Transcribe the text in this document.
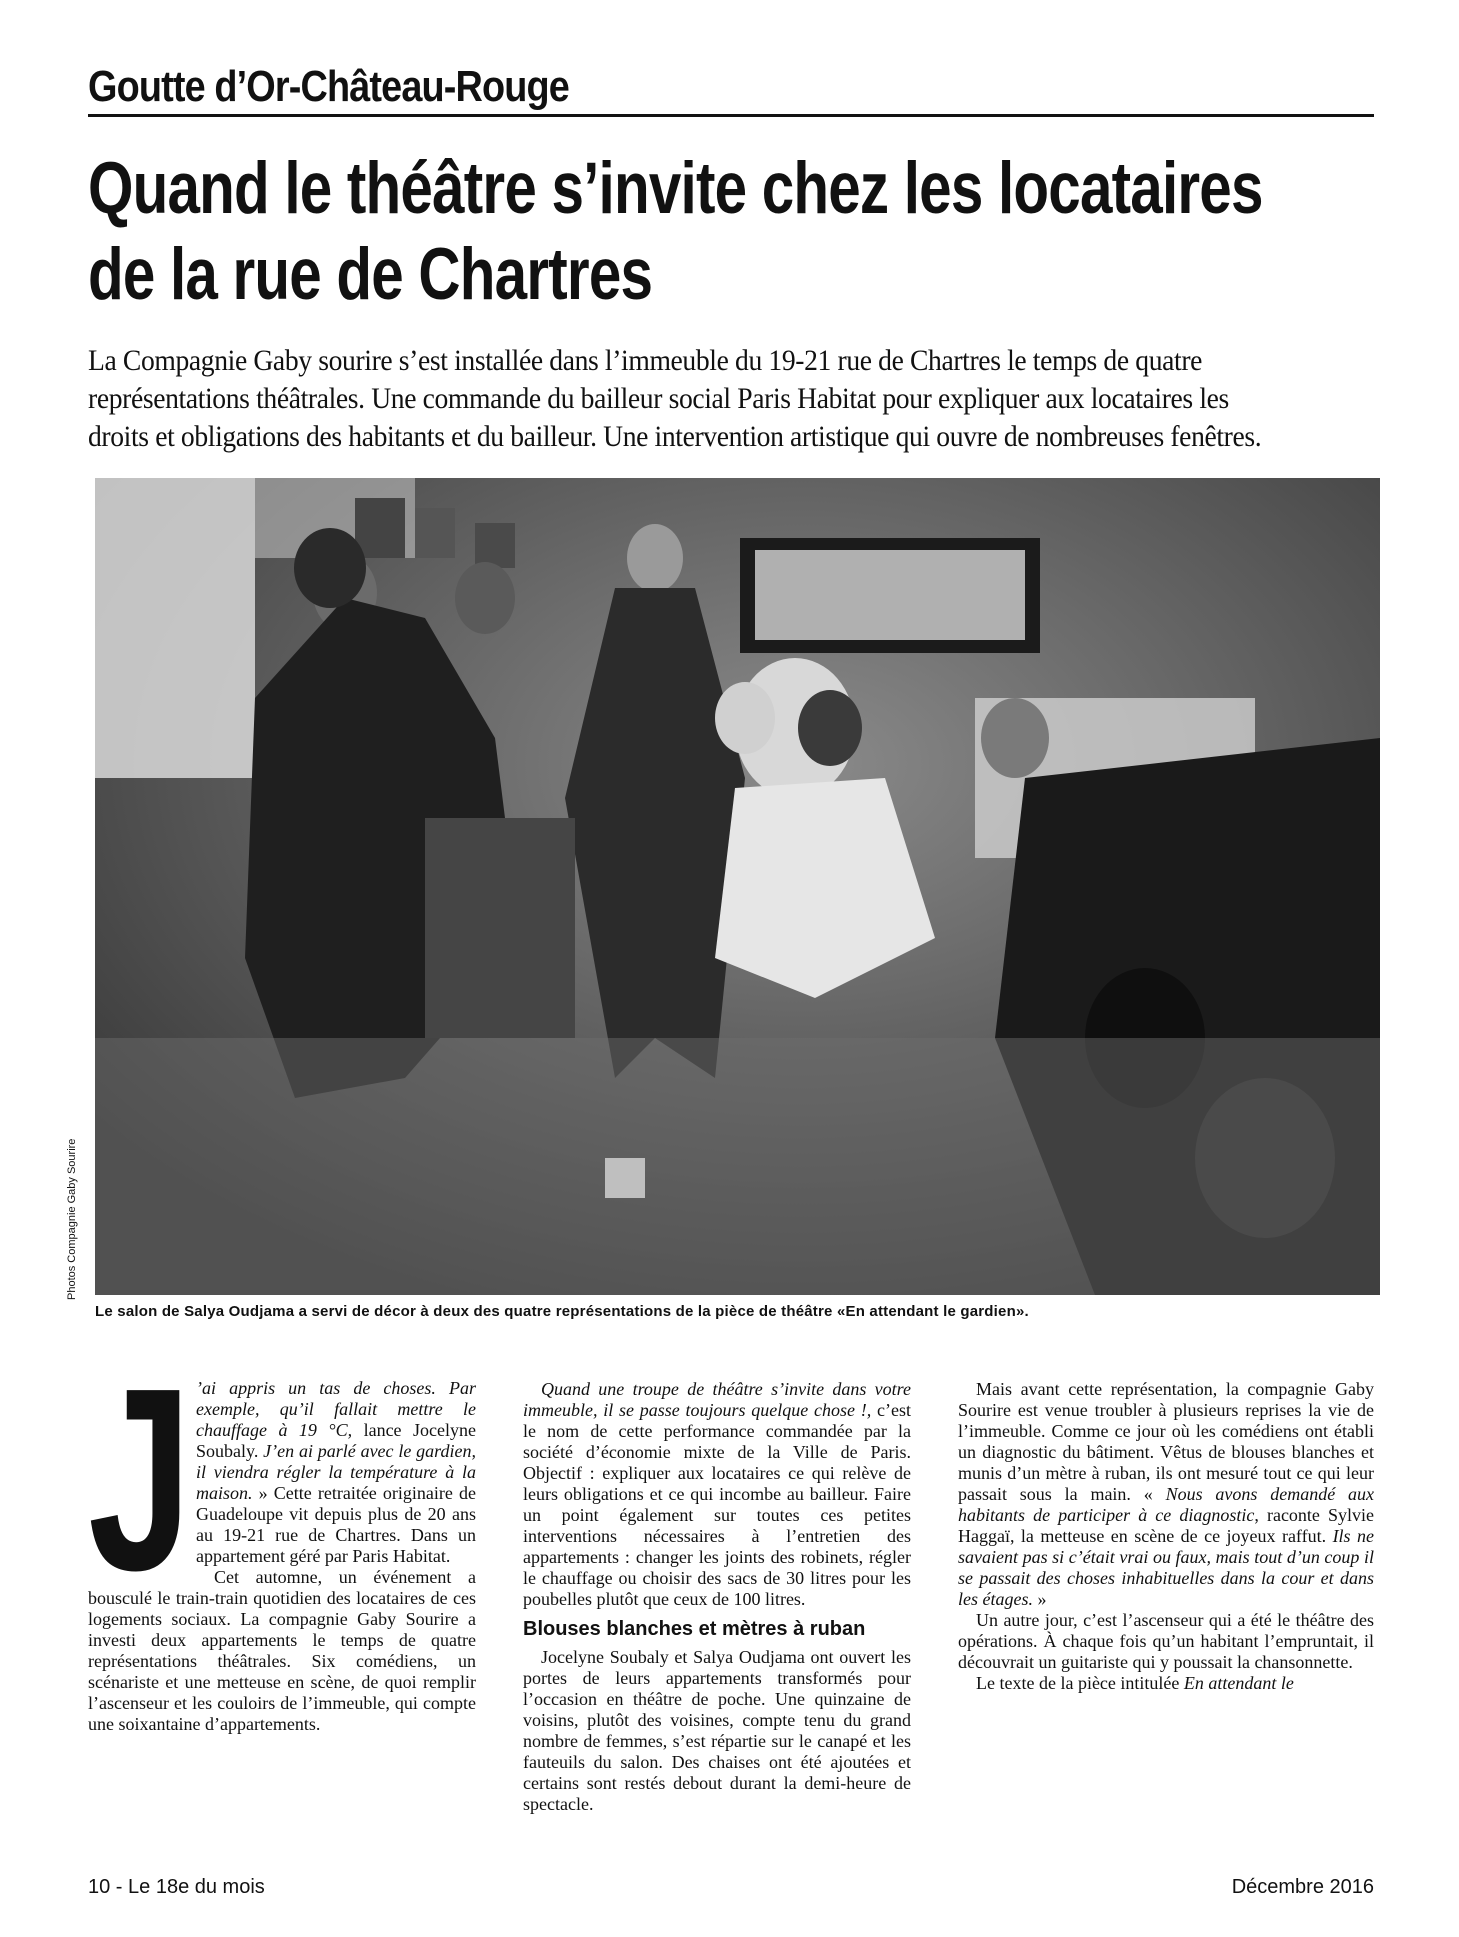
Goutte d’Or-Château-Rouge
Quand le théâtre s’invite chez les locataires
de la rue de Chartres
La Compagnie Gaby sourire s’est installée dans l’immeuble du 19-21 rue de Chartres le temps de quatre
représentations théâtrales. Une commande du bailleur social Paris Habitat pour expliquer aux locataires les
droits et obligations des habitants et du bailleur. Une intervention artistique qui ouvre de nombreuses fenêtres.
Photos Compagnie Gaby Sourire
Le salon de Salya Oudjama a servi de décor à deux des quatre représentations de la pièce de théâtre «En attendant le gardien».
J ’ai appris un tas de choses. Par exemple, qu’il fallait mettre le chauffage à 19 °C, lance Jocelyne Soubaly. J’en ai parlé avec le gardien, il viendra régler la température à la maison. » Cette retraitée originaire de Guadeloupe vit depuis plus de 20 ans au 19-21 rue de Chartres. Dans un appartement géré par Paris Habitat.

Cet automne, un événement a bousculé le train-train quotidien des locataires de ces logements sociaux. La compagnie Gaby Sourire a investi deux appartements le temps de quatre représentations théâtrales. Six comédiens, un scénariste et une metteuse en scène, de quoi remplir l’ascenseur et les couloirs de l’immeuble, qui compte une soixantaine d’appartements.

Quand une troupe de théâtre s’invite dans votre immeuble, il se passe toujours quelque chose !, c’est le nom de cette performance commandée par la société d’économie mixte de la Ville de Paris. Objectif : expliquer aux locataires ce qui relève de leurs obligations et ce qui incombe au bailleur. Faire un point également sur toutes ces petites interventions nécessaires à l’entretien des appartements : changer les joints des robinets, régler le chauffage ou choisir des sacs de 30 litres pour les poubelles plutôt que ceux de 100 litres.

Blouses blanches et mètres à ruban

Jocelyne Soubaly et Salya Oudjama ont ouvert les portes de leurs appartements transformés pour l’occasion en théâtre de poche. Une quinzaine de voisins, plutôt des voisines, compte tenu du grand nombre de femmes, s’est répartie sur le canapé et les fauteuils du salon. Des chaises ont été ajoutées et certains sont restés debout durant la demi-heure de spectacle.

Mais avant cette représentation, la compagnie Gaby Sourire est venue troubler à plusieurs reprises la vie de l’immeuble. Comme ce jour où les comédiens ont établi un diagnostic du bâtiment. Vêtus de blouses blanches et munis d’un mètre à ruban, ils ont mesuré tout ce qui leur passait sous la main. « Nous avons demandé aux habitants de participer à ce diagnostic, raconte Sylvie Haggaï, la metteuse en scène de ce joyeux raffut. Ils ne savaient pas si c’était vrai ou faux, mais tout d’un coup il se passait des choses inhabituelles dans la cour et dans les étages. »

Un autre jour, c’est l’ascenseur qui a été le théâtre des opérations. À chaque fois qu’un habitant l’empruntait, il découvrait un guitariste qui y poussait la chansonnette.

Le texte de la pièce intitulée En attendant le

10 - Le 18e du mois	Décembre 2016
